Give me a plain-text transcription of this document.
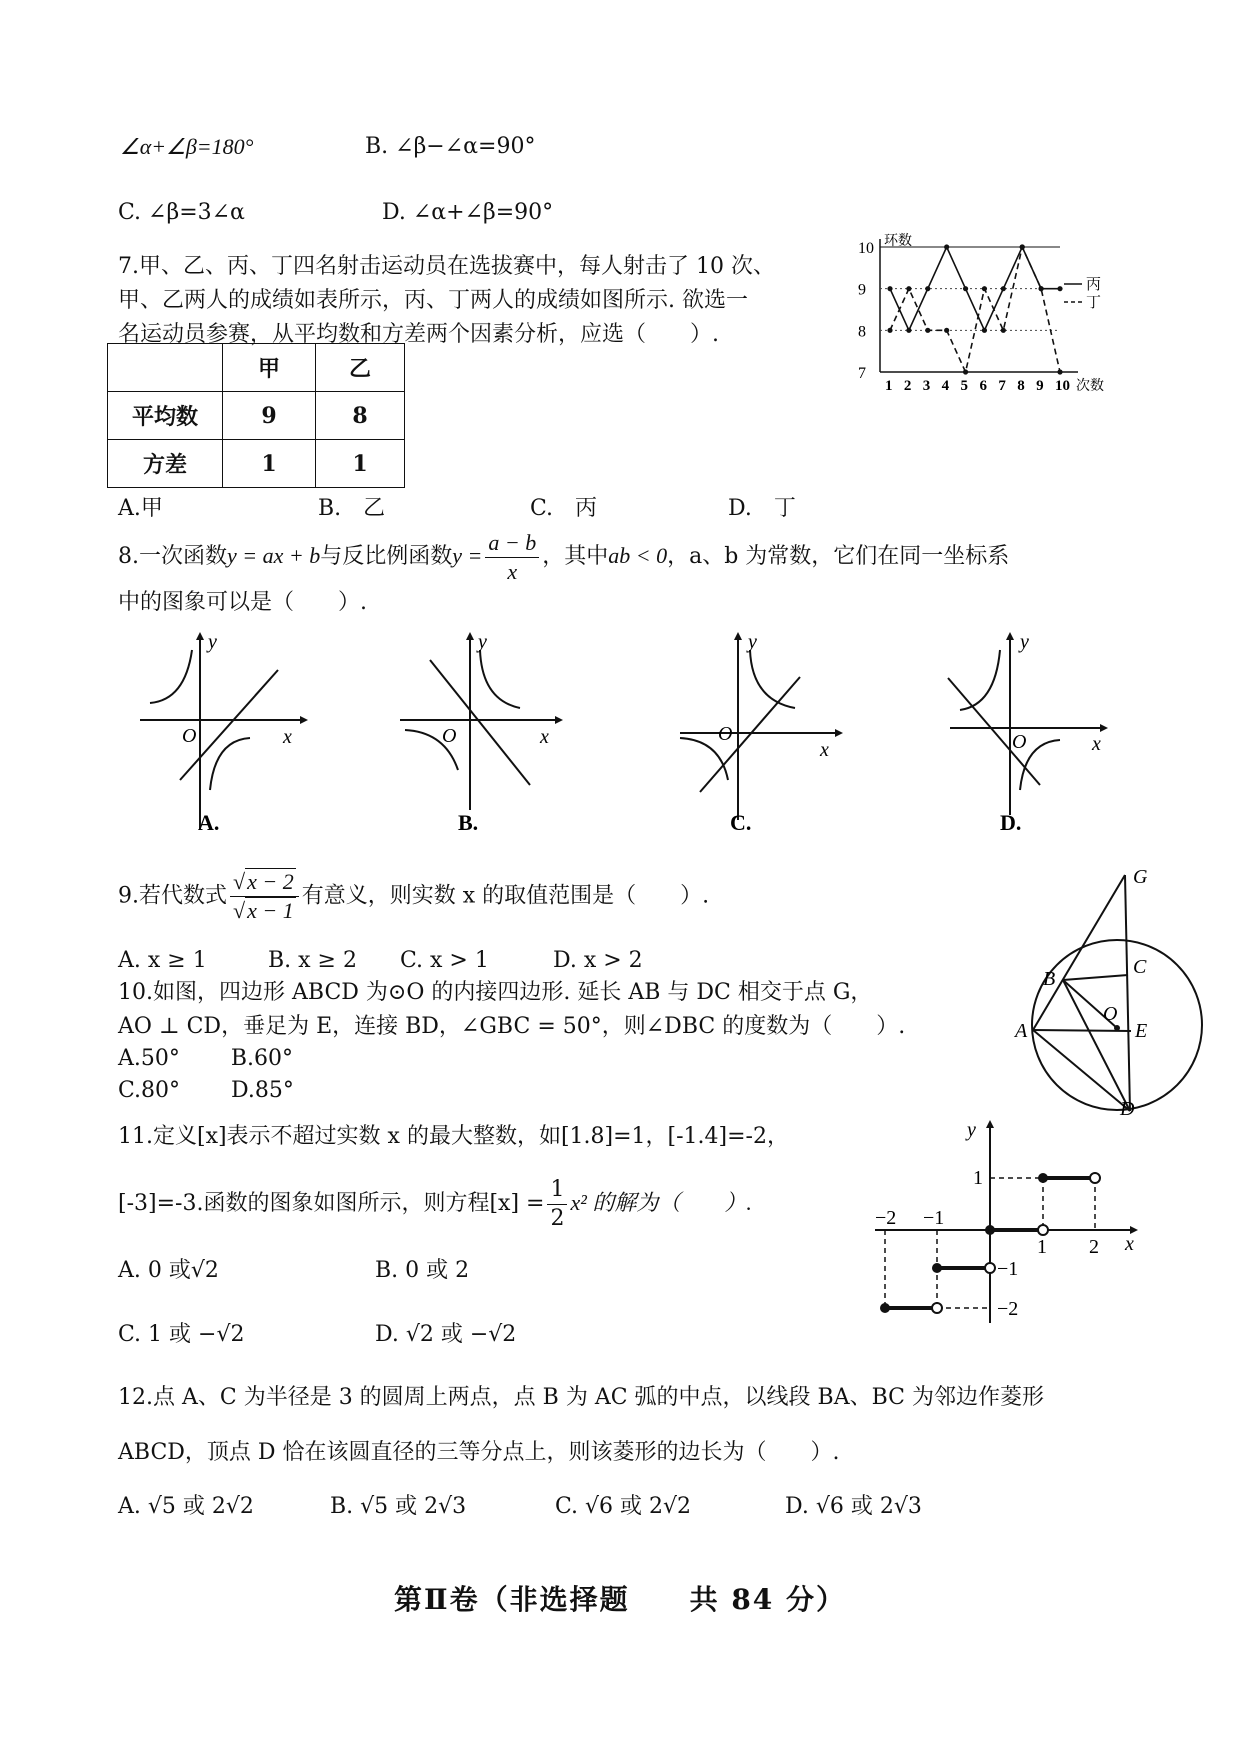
∠α+∠β=180°	B. ∠β−∠α=90°
C. ∠β=3∠α	D. ∠α+∠β=90°
7.甲、乙、丙、丁四名射击运动员在选拔赛中，每人射击了 10 次、
甲、乙两人的成绩如表所示，丙、丁两人的成绩如图所示. 欲选一
名运动员参赛，从平均数和方差两个因素分析，应选（　　）.
	甲	乙
平均数	9	8
方差	1	1
A.甲	B.　乙	C.　丙	D.　丁
7
8
9
10 环数
次数
1 2 3 4 5 6 7 8 9 10
丙
丁
8.一次函数y = ax + b与反比例函数$y = \frac{a - b}{x}$ ，其中ab < 0，a、b 为常数，它们在同一坐标系
中的图象可以是（　　）.
y
x
O
A.
y
x
O
B.
y
x
O
C.
y
x
O
D.
9.若代数式 $\frac{√x - 2}{√x - 1}$ 有意义，则实数 x 的取值范围是（　　）.
A. x ≥ 1	B. x ≥ 2 C. x > 1	D. x > 2
10.如图，四边形 ABCD 为⊙O 的内接四边形. 延长 AB 与 DC 相交于点 G，
AO ⊥ CD，垂足为 E，连接 BD，∠GBC = 50°，则∠DBC 的度数为（　　）.
A.50°　　 B.60°
C.80°　　 D.85°
G
B
C
O
E
A
D
11.定义[x]表示不超过实数 x 的最大整数，如[1.8]=1，[-1.4]=-2，
[-3]=-3.函数的图象如图所示，则方程$[x] = \frac{1}{2} x^2$ 的解为（　　）.
A. 0 或√2	B. 0 或 2
C. 1 或 −√2	D. √2 或 −√2
y
x
−2 −1
1 2
1
−1
−2
12.点 A、C 为半径是 3 的圆周上两点，点 B 为 AC 弧的中点，以线段 BA、BC 为邻边作菱形
ABCD，顶点 D 恰在该圆直径的三等分点上，则该菱形的边长为（　　）.
A. √5 或 2√2	B. √5 或 2√3	C. √6 或 2√2	D. √6 或 2√3
第Ⅱ卷（非选择题　　共 84 分）
